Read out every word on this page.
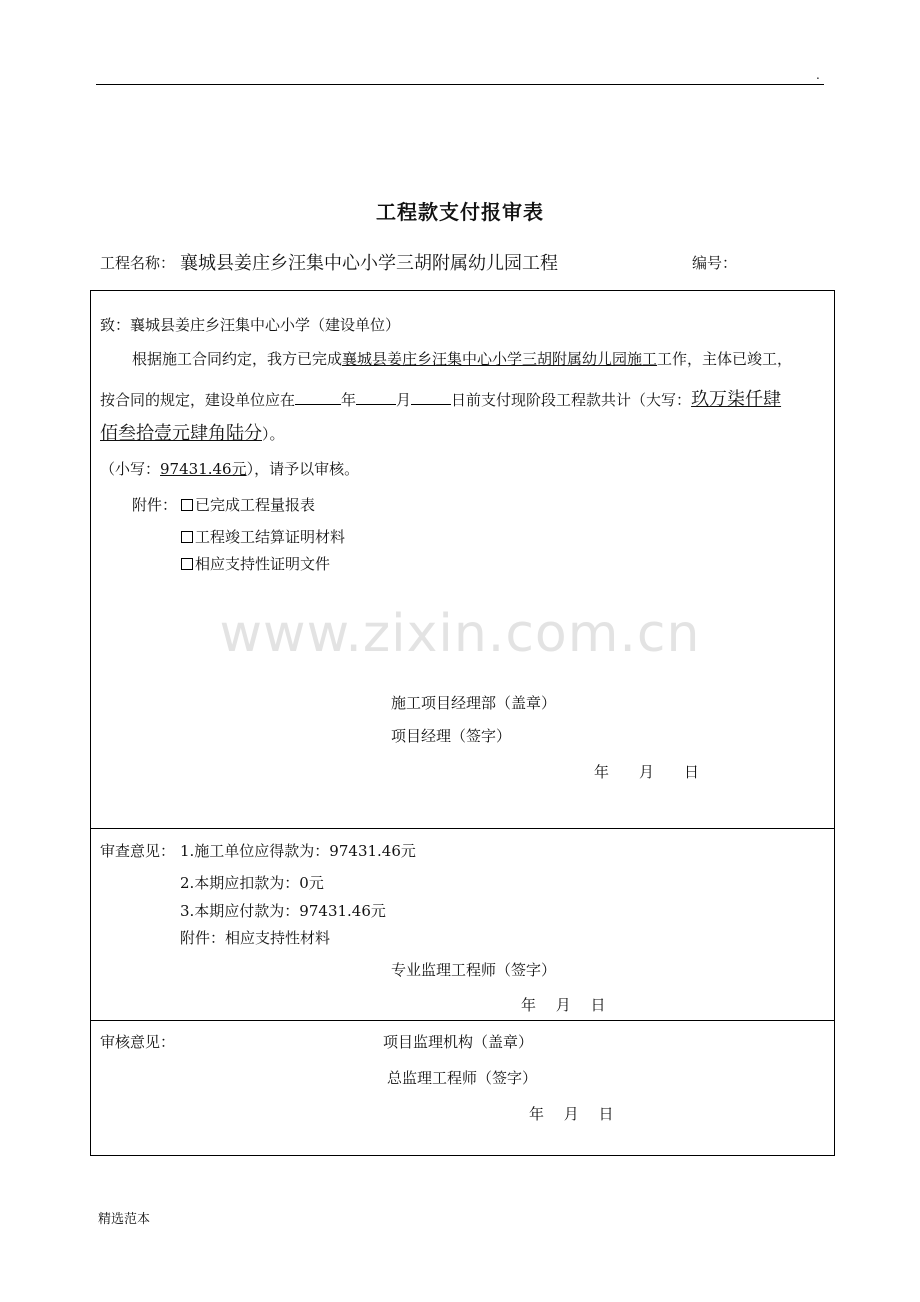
.
工程款支付报审表
工程名称： 襄城县姜庄乡汪集中心小学三胡附属幼儿园工程	编号：
致：襄城县姜庄乡汪集中心小学（建设单位）
根据施工合同约定，我方已完成襄城县姜庄乡汪集中心小学三胡附属幼儿园施工工作，主体已竣工，
按合同的规定，建设单位应在	年	月	日前支付现阶段工程款共计（大写：玖万柒仟肆
佰叁拾壹元肆角陆分）。
（小写：97431.46元），请予以审核。
附件：	已完成工程量报表
工程竣工结算证明材料
相应支持性证明文件
www.zixin.com.cn
施工项目经理部（盖章）
项目经理（签字）
年　　月　　日
审查意见： 1.施工单位应得款为：97431.46元
2.本期应扣款为：0元
3.本期应付款为：97431.46元
附件：相应支持性材料
专业监理工程师（签字）
年　 月　 日
审核意见：	项目监理机构（盖章）
总监理工程师（签字）
年　 月　 日
精选范本
